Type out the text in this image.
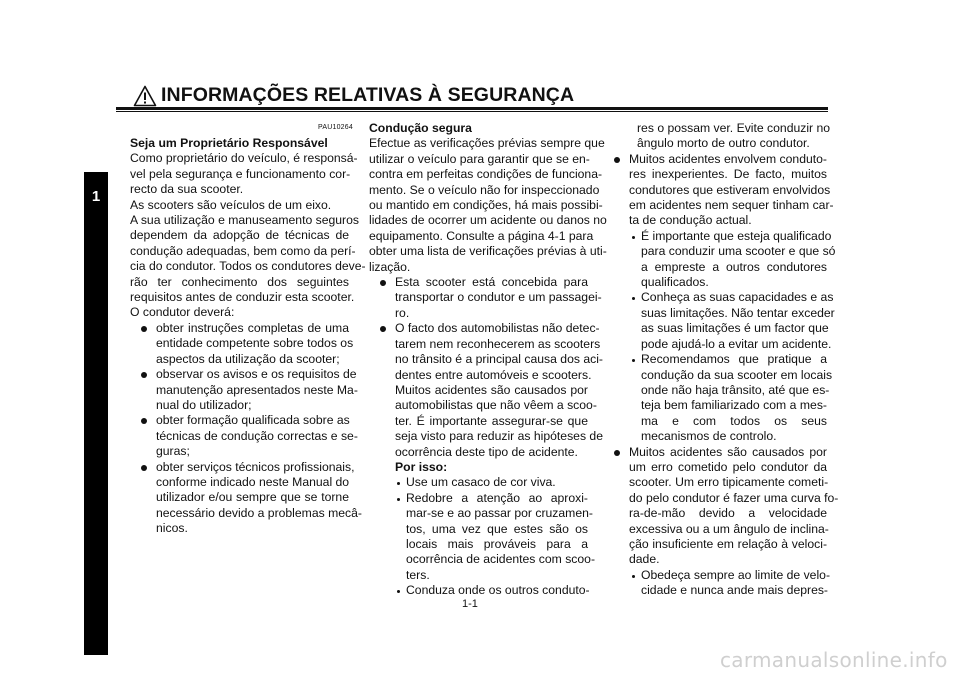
INFORMAÇÕES RELATIVAS À SEGURANÇA
1
PAU10264

Seja um Proprietário Responsável

Como proprietário do veículo, é responsá-

vel pela segurança e funcionamento cor-

recto da sua scooter.

As scooters são veículos de um eixo.

A sua utilização e manuseamento seguros

dependem da adopção de técnicas de

condução adequadas, bem como da perí-

cia do condutor. Todos os condutores deve-

rão ter conhecimento dos seguintes

requisitos antes de conduzir esta scooter.

O condutor deverá:

obter instruções completas de uma

entidade competente sobre todos os

aspectos da utilização da scooter;

observar os avisos e os requisitos de

manutenção apresentados neste Ma-

nual do utilizador;

obter formação qualificada sobre as

técnicas de condução correctas e se-

guras;

obter serviços técnicos profissionais,

conforme indicado neste Manual do

utilizador e/ou sempre que se torne

necessário devido a problemas mecâ-

nicos.

Condução segura

Efectue as verificações prévias sempre que

utilizar o veículo para garantir que se en-

contra em perfeitas condições de funciona-

mento. Se o veículo não for inspeccionado

ou mantido em condições, há mais possibi-

lidades de ocorrer um acidente ou danos no

equipamento. Consulte a página 4-1 para

obter uma lista de verificações prévias à uti-

lização.

Esta scooter está concebida para

transportar o condutor e um passagei-

ro.

O facto dos automobilistas não detec-

tarem nem reconhecerem as scooters

no trânsito é a principal causa dos aci-

dentes entre automóveis e scooters.

Muitos acidentes são causados por

automobilistas que não vêem a scoo-

ter. É importante assegurar-se que

seja visto para reduzir as hipóteses de

ocorrência deste tipo de acidente.

Por isso:

Use um casaco de cor viva.

Redobre a atenção ao aproxi-

mar-se e ao passar por cruzamen-

tos, uma vez que estes são os

locais mais prováveis para a

ocorrência de acidentes com scoo-

ters.

Conduza onde os outros conduto-

res o possam ver. Evite conduzir no

ângulo morto de outro condutor.

Muitos acidentes envolvem conduto-

res inexperientes. De facto, muitos

condutores que estiveram envolvidos

em acidentes nem sequer tinham car-

ta de condução actual.

É importante que esteja qualificado

para conduzir uma scooter e que só

a empreste a outros condutores

qualificados.

Conheça as suas capacidades e as

suas limitações. Não tentar exceder

as suas limitações é um factor que

pode ajudá-lo a evitar um acidente.

Recomendamos que pratique a

condução da sua scooter em locais

onde não haja trânsito, até que es-

teja bem familiarizado com a mes-

ma e com todos os seus

mecanismos de controlo.

Muitos acidentes são causados por

um erro cometido pelo condutor da

scooter. Um erro tipicamente cometi-

do pelo condutor é fazer uma curva fo-

ra-de-mão devido a velocidade

excessiva ou a um ângulo de inclina-

ção insuficiente em relação à veloci-

dade.

Obedeça sempre ao limite de velo-

cidade e nunca ande mais depres-

1-1
carmanualsonline.info
